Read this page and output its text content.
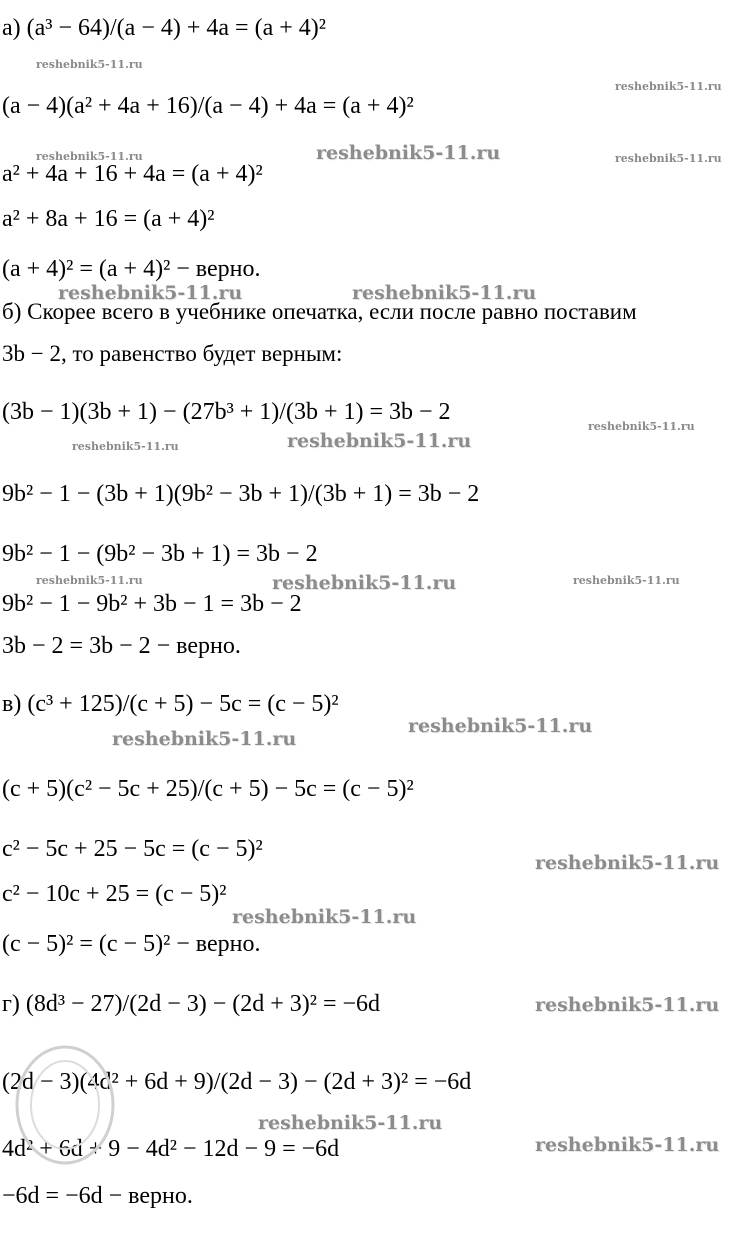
а) (a³ − 64)/(a − 4) + 4a = (a + 4)²
(a − 4)(a² + 4a + 16)/(a − 4) + 4a = (a + 4)²
a² + 4a + 16 + 4a = (a + 4)²
a² + 8a + 16 = (a + 4)²
(a + 4)² = (a + 4)² − верно.
б) Скорее всего в учебнике опечатка, если после равно поставим
3b − 2, то равенство будет верным:
(3b − 1)(3b + 1) − (27b³ + 1)/(3b + 1) = 3b − 2
9b² − 1 − (3b + 1)(9b² − 3b + 1)/(3b + 1) = 3b − 2
9b² − 1 − (9b² − 3b + 1) = 3b − 2
9b² − 1 − 9b² + 3b − 1 = 3b − 2
3b − 2 = 3b − 2 − верно.
в) (c³ + 125)/(c + 5) − 5c = (c − 5)²
(c + 5)(c² − 5c + 25)/(c + 5) − 5c = (c − 5)²
c² − 5c + 25 − 5c = (c − 5)²
c² − 10c + 25 = (c − 5)²
(c − 5)² = (c − 5)² − верно.
г) (8d³ − 27)/(2d − 3) − (2d + 3)² = −6d
(2d − 3)(4d² + 6d + 9)/(2d − 3) − (2d + 3)² = −6d
4d² + 6d + 9 − 4d² − 12d − 9 = −6d
−6d = −6d − верно.
reshebnik5-11.ru
reshebnik5-11.ru
reshebnik5-11.ru	reshebnik5-11.ru	reshebnik5-11.ru
reshebnik5-11.ru	reshebnik5-11.ru
reshebnik5-11.ru	reshebnik5-11.ru
reshebnik5-11.ru
reshebnik5-11.ru	reshebnik5-11.ru	reshebnik5-11.ru
reshebnik5-11.ru
reshebnik5-11.ru
reshebnik5-11.ru
reshebnik5-11.ru
reshebnik5-11.ru
reshebnik5-11.ru
reshebnik5-11.ru
